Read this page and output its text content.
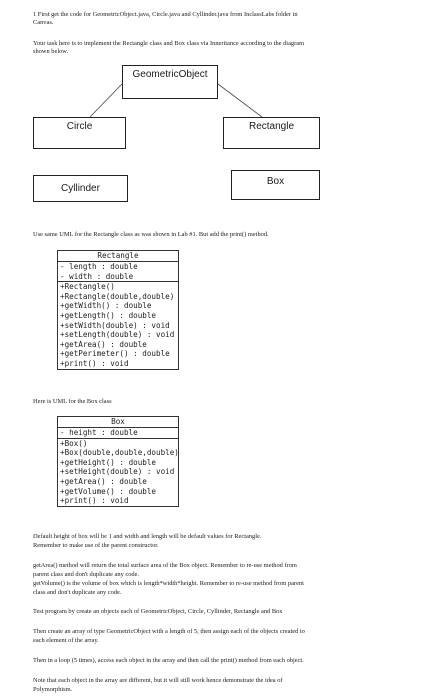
1 First get the code for GeometricObject.java, Circle.java and Cyllinder.java from InclassLabs folder in
Canvas.
Your task here is to implement the Rectangle class and Box class via Inneritance according to the diagram
shown below.
GeometricObject
Circle	Rectangle
Cyllinder
Box
Use same UML for the Rectangle class as was shown in Lab #1. But add the print() method.
Rectangle
- length : double
- width : double
+Rectangle()
+Rectangle(double,double)
+getWidth() : double
+getLength() : double
+setWidth(double) : void
+setLength(double) : void
+getArea() : double
+getPerimeter() : double
+print() : void
Here is UML for the Box class
Box
- height : double
+Box()
+Box(double,double,double)
+getHeight() : double
+setHeight(double) : void
+getArea() : double
+getVolume() : double
+print() : void
Default height of box will be 1 and width and length will be default values for Rectangle.
Remember to make use of the parent constructor.
getArea() method will return the total surface area of the Box object. Remember to re-use method from
parent class and don't duplicate any code.
getVolume() is the volume of box which is length*width*height. Remember to re-use method from parent
class and don't duplicate any code.
Test program by create an objects each of GeometricObject, Circle, Cyllinder, Rectangle and Box
Then create an array of type GeometricObject with a length of 5, then assign each of the objects created to
each element of the array.
Then in a loop (5 times), access each object in the array and then call the print() method from each object.
Note that each object in the array are different, but it will still work hence demonstrate the idea of
Polymorphism.
